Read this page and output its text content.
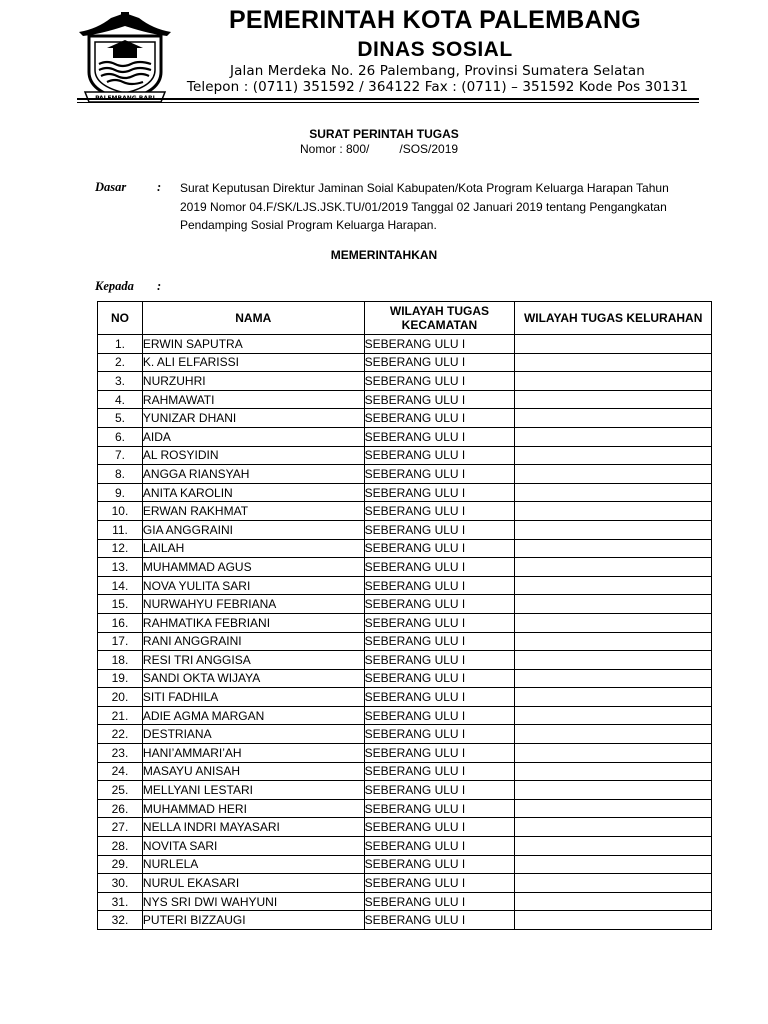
PALEMBANG BARI
PEMERINTAH KOTA PALEMBANG
DINAS SOSIAL
Jalan Merdeka No. 26 Palembang, Provinsi Sumatera Selatan
Telepon : (0711) 351592 / 364122 Fax : (0711) – 351592 Kode Pos 30131
SURAT PERINTAH TUGAS
Nomor : 800/	/SOS/2019
Dasar : Surat Keputusan Direktur Jaminan Soial Kabupaten/Kota Program Keluarga Harapan Tahun 2019 Nomor 04.F/SK/LJS.JSK.TU/01/2019 Tanggal 02 Januari 2019 tentang Pengangkatan Pendamping Sosial Program Keluarga Harapan.
MEMERINTAHKAN
Kepada :
NO	NAMA	WILAYAH TUGAS KECAMATAN	WILAYAH TUGAS KELURAHAN
1.	ERWIN SAPUTRA	SEBERANG ULU I	
2.	K. ALI ELFARISSI	SEBERANG ULU I	
3.	NURZUHRI	SEBERANG ULU I	
4.	RAHMAWATI	SEBERANG ULU I	
5.	YUNIZAR DHANI	SEBERANG ULU I	
6.	AIDA	SEBERANG ULU I	
7.	AL ROSYIDIN	SEBERANG ULU I	
8.	ANGGA RIANSYAH	SEBERANG ULU I	
9.	ANITA KAROLIN	SEBERANG ULU I	
10.	ERWAN RAKHMAT	SEBERANG ULU I	
11.	GIA ANGGRAINI	SEBERANG ULU I	
12.	LAILAH	SEBERANG ULU I	
13.	MUHAMMAD AGUS	SEBERANG ULU I	
14.	NOVA YULITA SARI	SEBERANG ULU I	
15.	NURWAHYU FEBRIANA	SEBERANG ULU I	
16.	RAHMATIKA FEBRIANI	SEBERANG ULU I	
17.	RANI ANGGRAINI	SEBERANG ULU I	
18.	RESI TRI ANGGISA	SEBERANG ULU I	
19.	SANDI OKTA WIJAYA	SEBERANG ULU I	
20.	SITI FADHILA	SEBERANG ULU I	
21.	ADIE AGMA MARGAN	SEBERANG ULU I	
22.	DESTRIANA	SEBERANG ULU I	
23.	HANI’AMMARI’AH	SEBERANG ULU I	
24.	MASAYU ANISAH	SEBERANG ULU I	
25.	MELLYANI LESTARI	SEBERANG ULU I	
26.	MUHAMMAD HERI	SEBERANG ULU I	
27.	NELLA INDRI MAYASARI	SEBERANG ULU I	
28.	NOVITA SARI	SEBERANG ULU I	
29.	NURLELA	SEBERANG ULU I	
30.	NURUL EKASARI	SEBERANG ULU I	
31.	NYS SRI DWI WAHYUNI	SEBERANG ULU I	
32.	PUTERI BIZZAUGI	SEBERANG ULU I	
